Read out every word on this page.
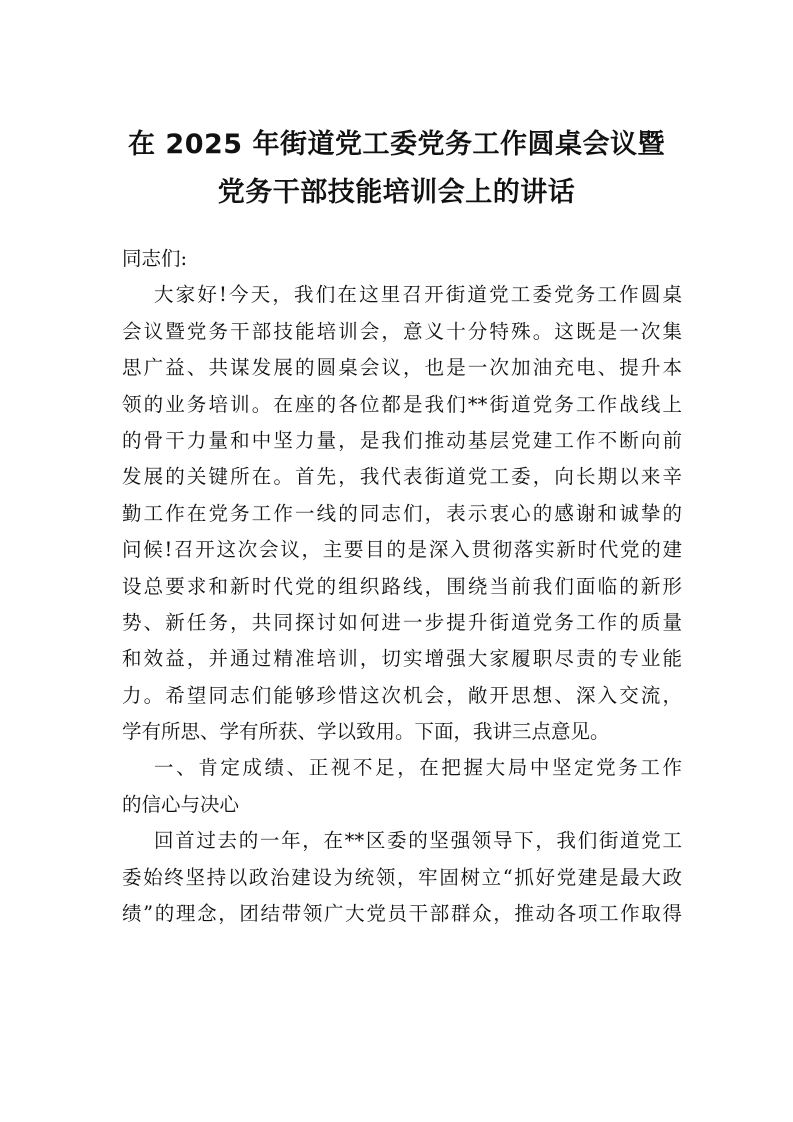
在 2025 年街道党工委党务工作圆桌会议暨
党务干部技能培训会上的讲话
同志们:
大家好!今天，我们在这里召开街道党工委党务工作圆桌
会议暨党务干部技能培训会，意义十分特殊。这既是一次集
思广益、共谋发展的圆桌会议，也是一次加油充电、提升本
领的业务培训。在座的各位都是我们**街道党务工作战线上
的骨干力量和中坚力量，是我们推动基层党建工作不断向前
发展的关键所在。首先，我代表街道党工委，向长期以来辛
勤工作在党务工作一线的同志们，表示衷心的感谢和诚挚的
问候!召开这次会议，主要目的是深入贯彻落实新时代党的建
设总要求和新时代党的组织路线，围绕当前我们面临的新形
势、新任务，共同探讨如何进一步提升街道党务工作的质量
和效益，并通过精准培训，切实增强大家履职尽责的专业能
力。希望同志们能够珍惜这次机会，敞开思想、深入交流，
学有所思、学有所获、学以致用。下面，我讲三点意见。
一、肯定成绩、正视不足，在把握大局中坚定党务工作
的信心与决心
回首过去的一年，在**区委的坚强领导下，我们街道党工
委始终坚持以政治建设为统领，牢固树立“抓好党建是最大政
绩”的理念，团结带领广大党员干部群众，推动各项工作取得
